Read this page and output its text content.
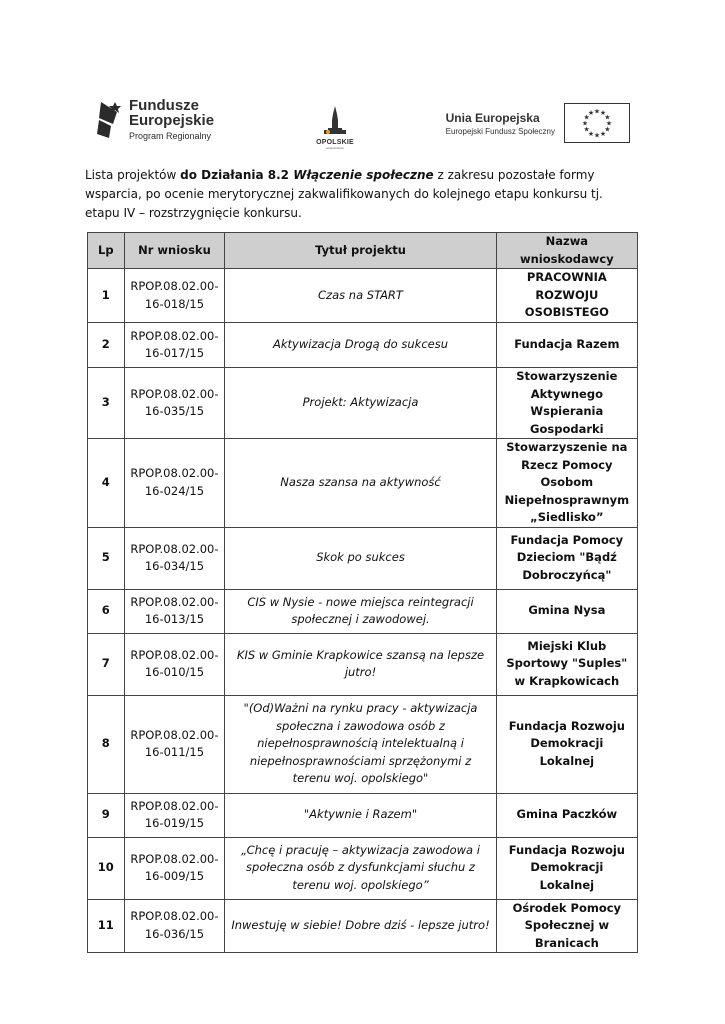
Fundusze
Europejskie
Program Regionalny
OPOLSKIE
województwo
Unia Europejska
Europejski Fundusz Społeczny
★
★
★
★
★
★
★
★
★ ★ ★
★
Lista projektów do Działania 8.2 Włączenie społeczne z zakresu pozostałe formy wsparcia, po ocenie merytorycznej zakwalifikowanych do kolejnego etapu konkursu tj. etapu IV – rozstrzygnięcie konkursu.
Lp	Nr wniosku	Tytuł projektu	Nazwa wnioskodawcy
1	RPOP.08.02.00-16-018/15	Czas na START	PRACOWNIA ROZWOJU OSOBISTEGO
2	RPOP.08.02.00-16-017/15	Aktywizacja Drogą do sukcesu	Fundacja Razem
3	RPOP.08.02.00-16-035/15	Projekt: Aktywizacja	Stowarzyszenie Aktywnego Wspierania Gospodarki
4	RPOP.08.02.00-16-024/15	Nasza szansa na aktywność	Stowarzyszenie na Rzecz Pomocy Osobom Niepełnosprawnym „Siedlisko”
5	RPOP.08.02.00-16-034/15	Skok po sukces	Fundacja Pomocy Dzieciom "Bądź Dobroczyńcą"
6	RPOP.08.02.00-16-013/15	CIS w Nysie - nowe miejsca reintegracji społecznej i zawodowej.	Gmina Nysa
7	RPOP.08.02.00-16-010/15	KIS w Gminie Krapkowice szansą na lepsze jutro!	Miejski Klub Sportowy "Suples" w Krapkowicach
8	RPOP.08.02.00-16-011/15	"(Od)Ważni na rynku pracy - aktywizacja społeczna i zawodowa osób z niepełnosprawnością intelektualną i niepełnosprawnościami sprzężonymi z terenu woj. opolskiego"	Fundacja Rozwoju Demokracji Lokalnej
9	RPOP.08.02.00-16-019/15	"Aktywnie i Razem"	Gmina Paczków
10	RPOP.08.02.00-16-009/15	„Chcę i pracuję – aktywizacja zawodowa i społeczna osób z dysfunkcjami słuchu z terenu woj. opolskiego”	Fundacja Rozwoju Demokracji Lokalnej
11	RPOP.08.02.00-16-036/15	Inwestuję w siebie! Dobre dziś - lepsze jutro!	Ośrodek Pomocy Społecznej w Branicach
